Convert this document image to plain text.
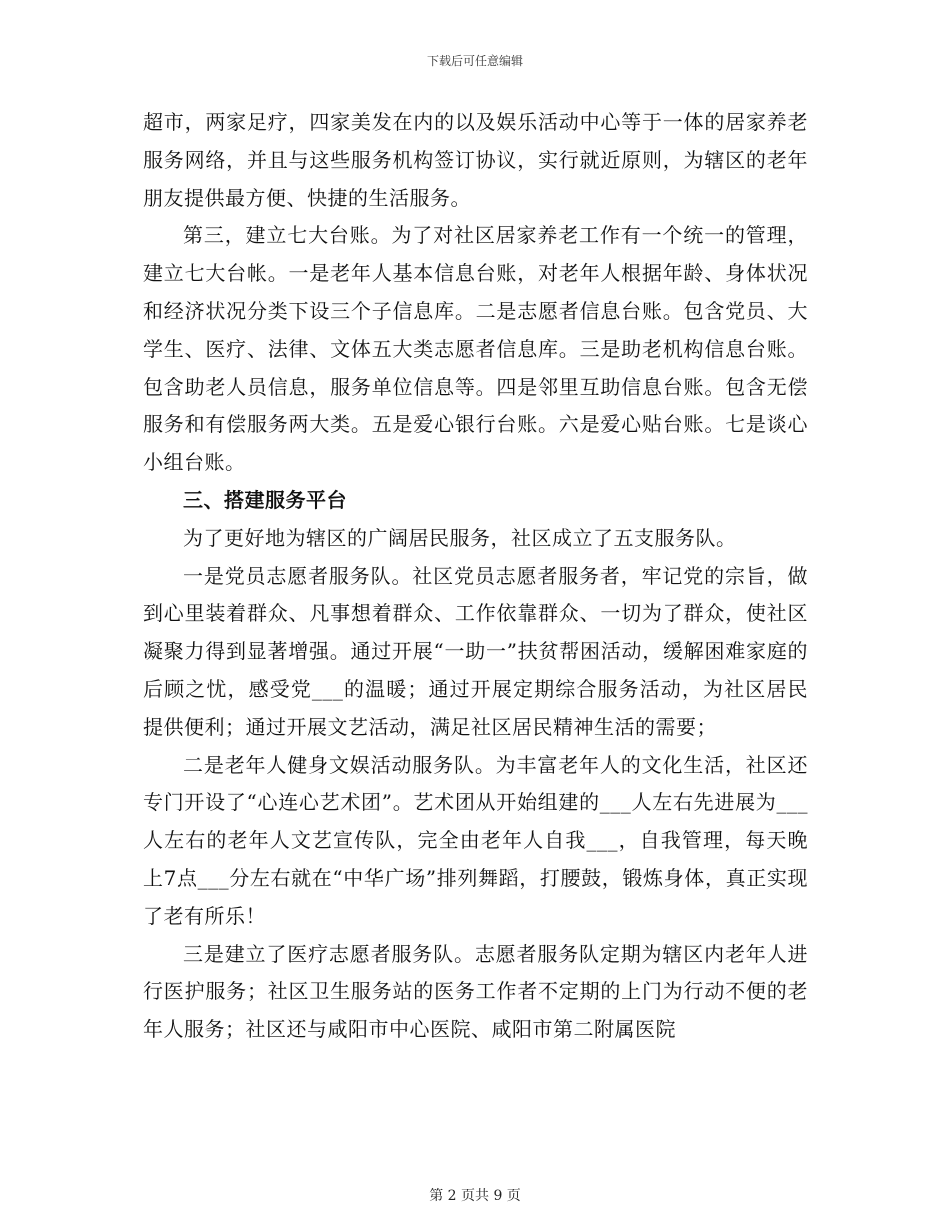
下载后可任意编辑

超市，两家足疗，四家美发在内的以及娱乐活动中心等于一体的居家养老服务网络，并且与这些服务机构签订协议，实行就近原则，为辖区的老年朋友提供最方便、快捷的生活服务。

第三，建立七大台账。为了对社区居家养老工作有一个统一的管理，建立七大台帐。一是老年人基本信息台账，对老年人根据年龄、身体状况和经济状况分类下设三个子信息库。二是志愿者信息台账。包含党员、大学生、医疗、法律、文体五大类志愿者信息库。三是助老机构信息台账。包含助老人员信息，服务单位信息等。四是邻里互助信息台账。包含无偿服务和有偿服务两大类。五是爱心银行台账。六是爱心贴台账。七是谈心小组台账。

三、搭建服务平台

为了更好地为辖区的广阔居民服务，社区成立了五支服务队。

一是党员志愿者服务队。社区党员志愿者服务者，牢记党的宗旨，做到心里装着群众、凡事想着群众、工作依靠群众、一切为了群众，使社区凝聚力得到显著增强。通过开展“一助一”扶贫帮困活动，缓解困难家庭的后顾之忧，感受党___的温暖；通过开展定期综合服务活动，为社区居民提供便利；通过开展文艺活动，满足社区居民精神生活的需要；

二是老年人健身文娱活动服务队。为丰富老年人的文化生活，社区还专门开设了“心连心艺术团”。艺术团从开始组建的___人左右先进展为___人左右的老年人文艺宣传队，完全由老年人自我___，自我管理，每天晚上7点___分左右就在“中华广场”排列舞蹈，打腰鼓，锻炼身体，真正实现了老有所乐！

三是建立了医疗志愿者服务队。志愿者服务队定期为辖区内老年人进行医护服务；社区卫生服务站的医务工作者不定期的上门为行动不便的老年人服务；社区还与咸阳市中心医院、咸阳市第二附属医院

第 2 页共 9 页
